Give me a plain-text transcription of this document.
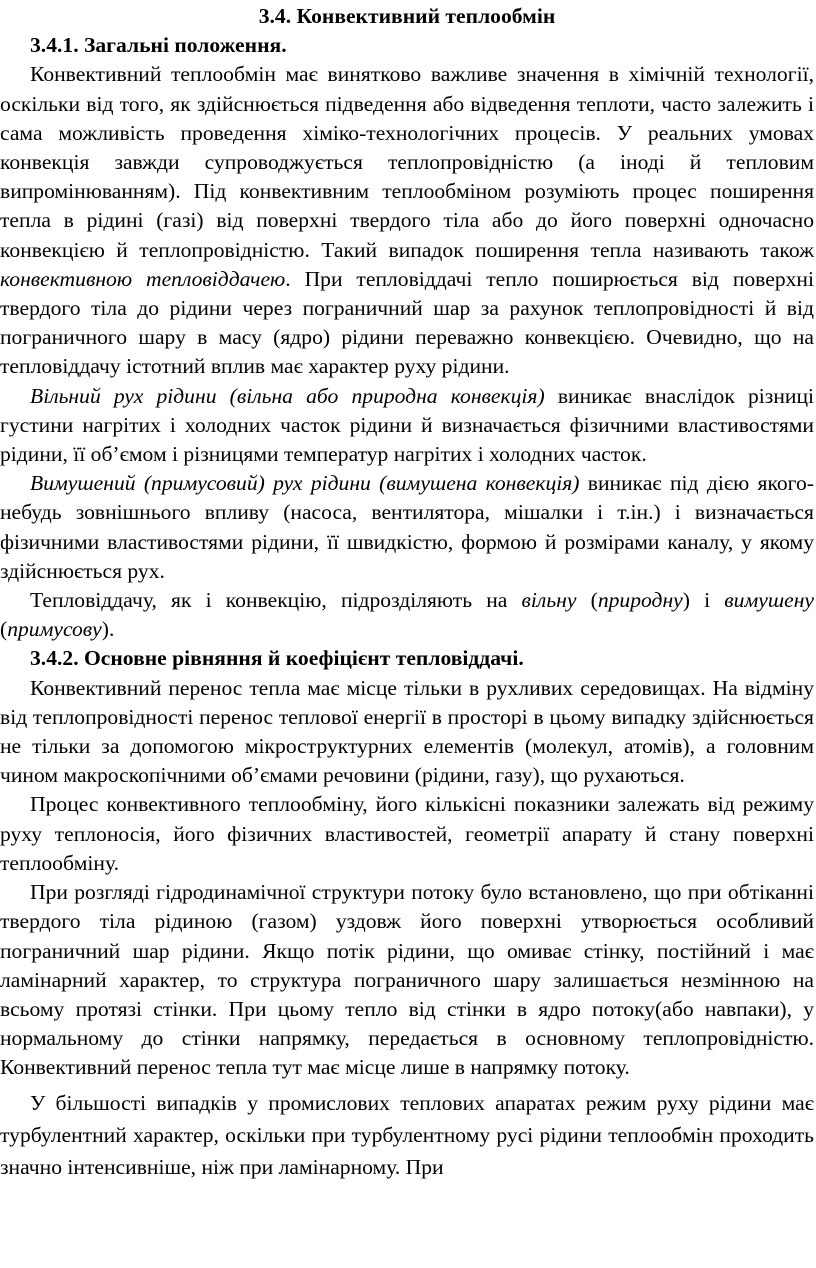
3.4. Конвективний теплообмін
3.4.1. Загальні положення.

Конвективний теплообмін має винятково важливе значення в хімічній технології, оскільки від того, як здійснюється підведення або відведення теплоти, часто залежить і сама можливість проведення хіміко-технологічних процесів. У реальних умовах конвекція завжди супроводжується теплопровідністю (а іноді й тепловим випромінюванням). Під конвективним теплообміном розуміють процес поширення тепла в рідині (газі) від поверхні твердого тіла або до його поверхні одночасно конвекцією й теплопровідністю. Такий випадок поширення тепла називають також конвективною тепловіддачею. При тепловіддачі тепло поширюється від поверхні твердого тіла до рідини через пограничний шар за рахунок теплопровідності й від пограничного шару в масу (ядро) рідини переважно конвекцією. Очевидно, що на тепловіддачу істотний вплив має характер руху рідини.

Вільний рух рідини (вільна або природна конвекція) виникає внаслідок різниці густини нагрітих і холодних часток рідини й визначається фізичними властивостями рідини, її об’ємом і різницями температур нагрітих і холодних часток.

Вимушений (примусовий) рух рідини (вимушена конвекція) виникає під дією якого-небудь зовнішнього впливу (насоса, вентилятора, мішалки і т.ін.) і визначається фізичними властивостями рідини, її швидкістю, формою й розмірами каналу, у якому здійснюється рух.

Тепловіддачу, як і конвекцію, підрозділяють на вільну (природну) і вимушену (примусову).

3.4.2. Основне рівняння й коефіцієнт тепловіддачі.

Конвективний перенос тепла має місце тільки в рухливих середовищах. На відміну від теплопровідності перенос теплової енергії в просторі в цьому випадку здійснюється не тільки за допомогою мікроструктурних елементів (молекул, атомів), а головним чином макроскопічними об’ємами речовини (рідини, газу), що рухаються.

Процес конвективного теплообміну, його кількісні показники залежать від режиму руху теплоносія, його фізичних властивостей, геометрії апарату й стану поверхні теплообміну.

При розгляді гідродинамічної структури потоку було встановлено, що при обтіканні твердого тіла рідиною (газом) уздовж його поверхні утворюється особливий пограничний шар рідини. Якщо потік рідини, що омиває стінку, постійний і має ламінарний характер, то структура пограничного шару залишається незмінною на всьому протязі стінки. При цьому тепло від стінки в ядро потоку(або навпаки), у нормальному до стінки напрямку, передається в основному теплопровідністю. Конвективний перенос тепла тут має місце лише в напрямку потоку.

У більшості випадків у промислових теплових апаратах режим руху рідини має турбулентний характер, оскільки при турбулентному русі рідини теплообмін проходить значно інтенсивніше, ніж при ламінарному. При
